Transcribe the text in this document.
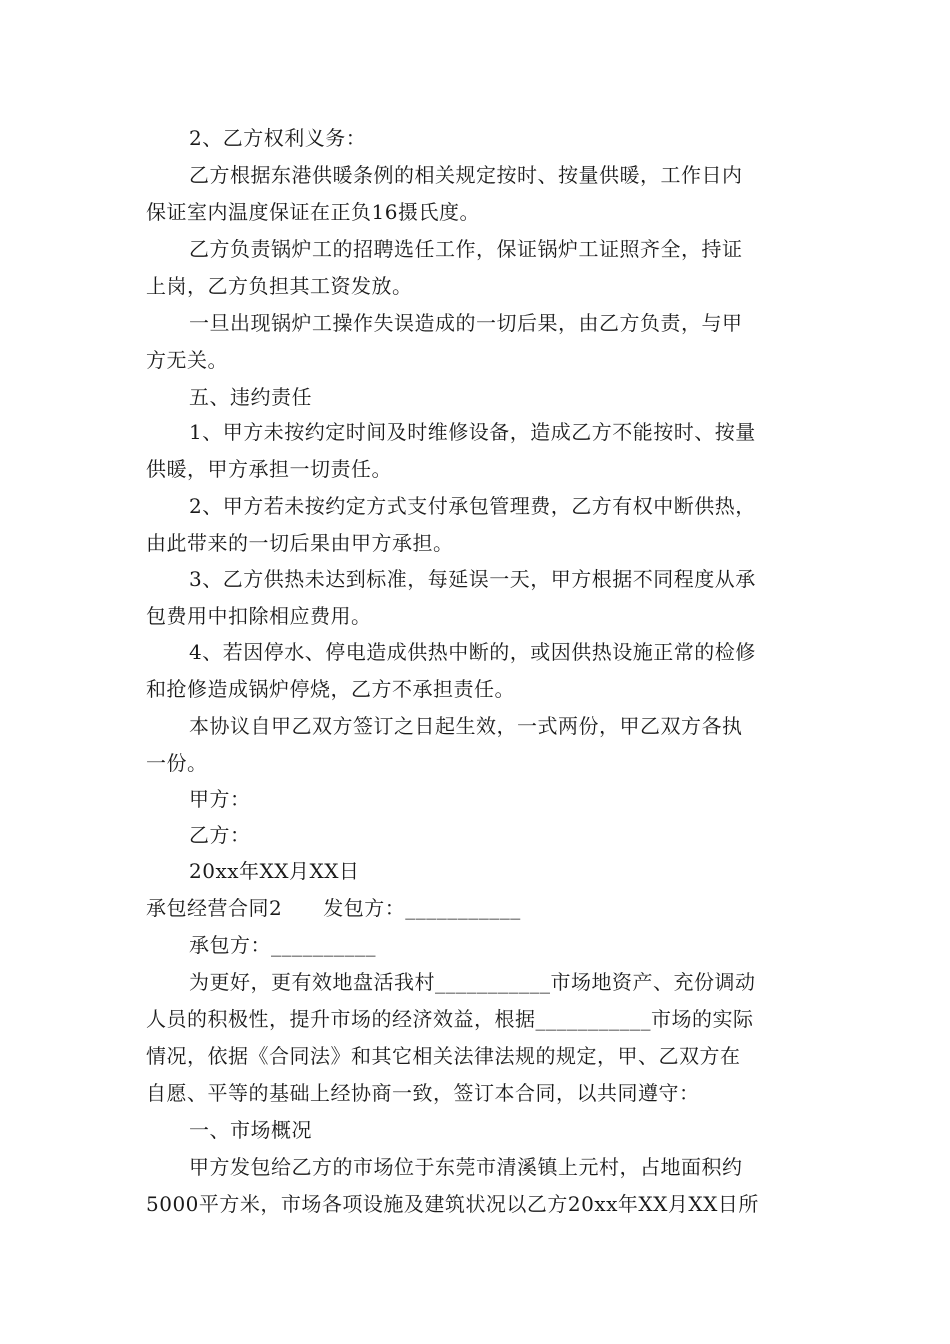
2、乙方权利义务：
乙方根据东港供暖条例的相关规定按时、按量供暖，工作日内
保证室内温度保证在正负16摄氏度。
乙方负责锅炉工的招聘选任工作，保证锅炉工证照齐全，持证
上岗，乙方负担其工资发放。
一旦出现锅炉工操作失误造成的一切后果，由乙方负责，与甲
方无关。
五、违约责任
1、甲方未按约定时间及时维修设备，造成乙方不能按时、按量
供暖，甲方承担一切责任。
2、甲方若未按约定方式支付承包管理费，乙方有权中断供热，
由此带来的一切后果由甲方承担。
3、乙方供热未达到标准，每延误一天，甲方根据不同程度从承
包费用中扣除相应费用。
4、若因停水、停电造成供热中断的，或因供热设施正常的检修
和抢修造成锅炉停烧，乙方不承担责任。
本协议自甲乙双方签订之日起生效，一式两份，甲乙双方各执
一份。
甲方：
乙方：
20xx年XX月XX日
承包经营合同2　　发包方：___________
承包方：__________
为更好，更有效地盘活我村___________市场地资产、充份调动
人员的积极性，提升市场的经济效益，根据___________市场的实际
情况，依据《合同法》和其它相关法律法规的规定，甲、乙双方在
自愿、平等的基础上经协商一致，签订本合同，以共同遵守：
一、市场概况
甲方发包给乙方的市场位于东莞市清溪镇上元村，占地面积约
5000平方米，市场各项设施及建筑状况以乙方20xx年XX月XX日所
